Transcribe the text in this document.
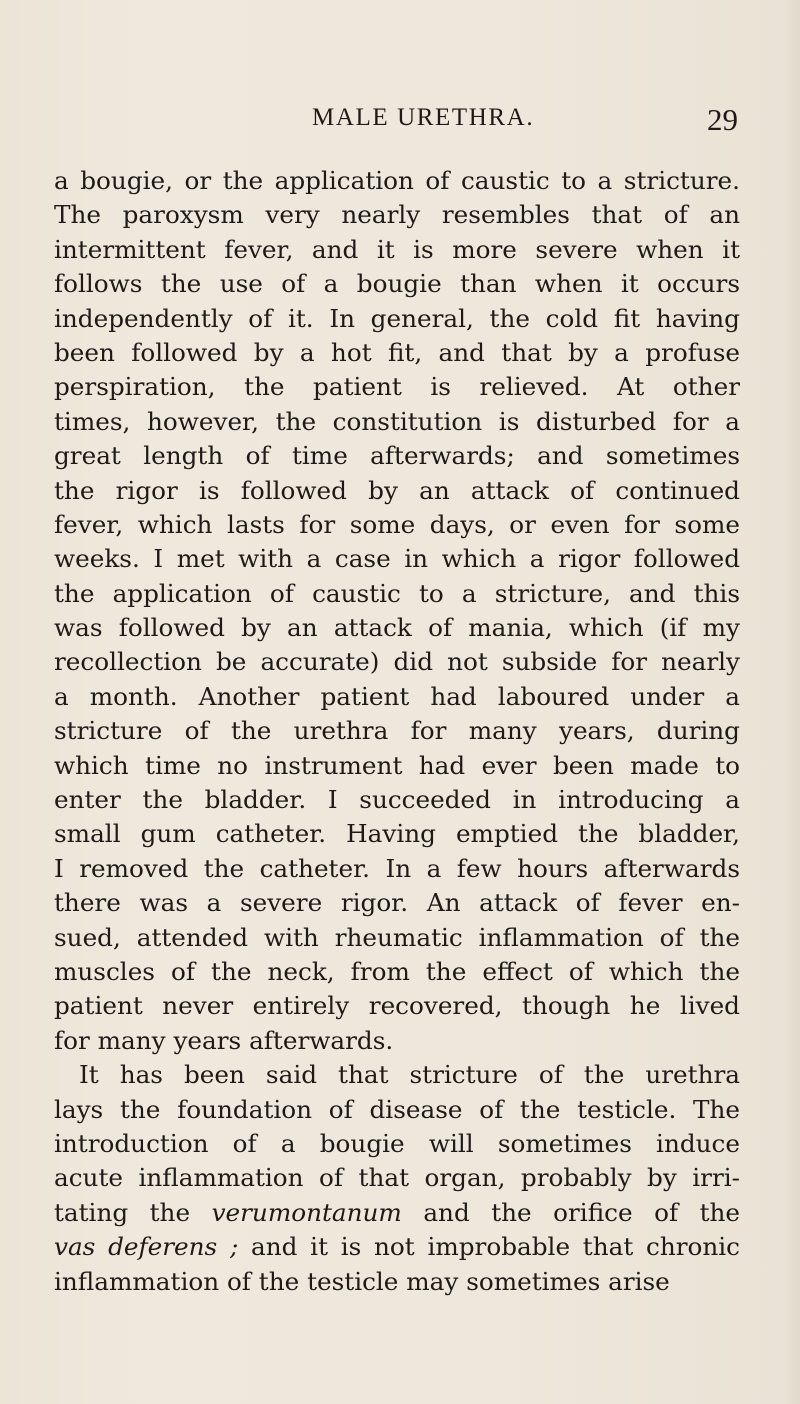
MALE URETHRA.	29
a bougie, or the application of caustic to a stricture.
The paroxysm very nearly resembles that of an
intermittent fever, and it is more severe when it
follows the use of a bougie than when it occurs
independently of it. In general, the cold fit having
been followed by a hot fit, and that by a profuse
perspiration, the patient is relieved. At other
times, however, the constitution is disturbed for a
great length of time afterwards; and sometimes
the rigor is followed by an attack of continued
fever, which lasts for some days, or even for some
weeks. I met with a case in which a rigor followed
the application of caustic to a stricture, and this
was followed by an attack of mania, which (if my
recollection be accurate) did not subside for nearly
a month. Another patient had laboured under a
stricture of the urethra for many years, during
which time no instrument had ever been made to
enter the bladder. I succeeded in introducing a
small gum catheter. Having emptied the bladder,
I removed the catheter. In a few hours afterwards
there was a severe rigor. An attack of fever en-
sued, attended with rheumatic inflammation of the
muscles of the neck, from the effect of which the
patient never entirely recovered, though he lived
for many years afterwards.
It has been said that stricture of the urethra
lays the foundation of disease of the testicle. The
introduction of a bougie will sometimes induce
acute inflammation of that organ, probably by irri-
tating the verumontanum and the orifice of the
vas deferens ; and it is not improbable that chronic
inflammation of the testicle may sometimes arise
